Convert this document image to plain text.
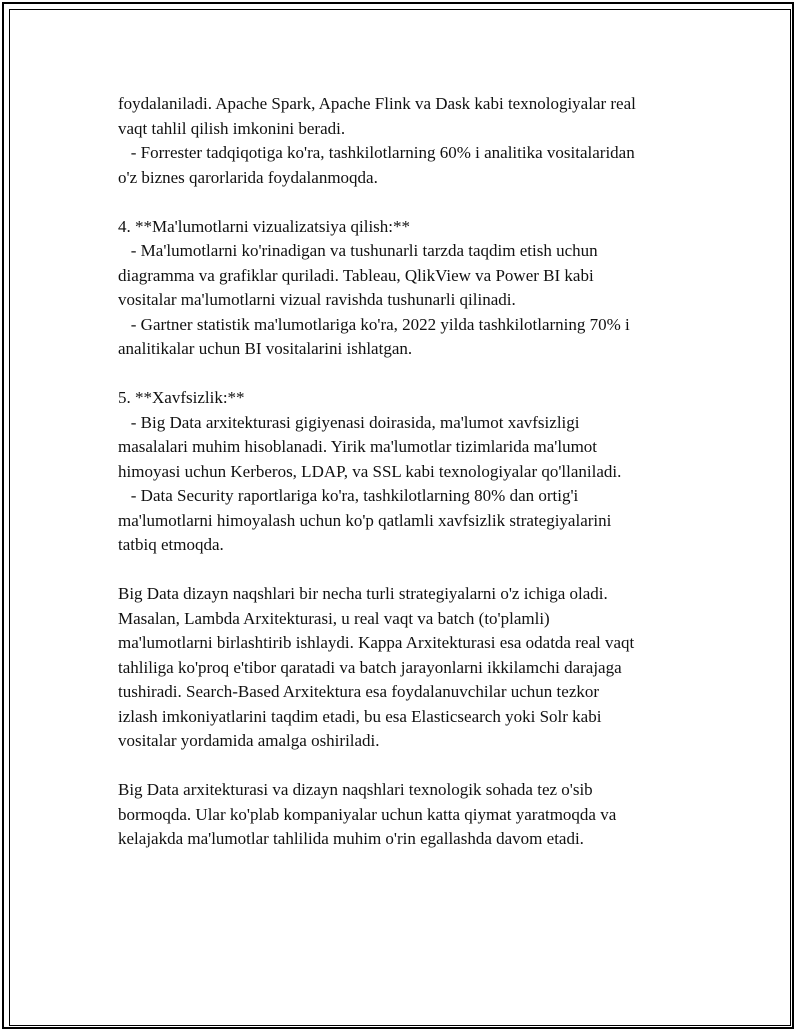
foydalaniladi. Apache Spark, Apache Flink va Dask kabi texnologiyalar real
vaqt tahlil qilish imkonini beradi.
- Forrester tadqiqotiga ko'ra, tashkilotlarning 60% i analitika vositalaridan
o'z biznes qarorlarida foydalanmoqda.
4. **Ma'lumotlarni vizualizatsiya qilish:**
- Ma'lumotlarni ko'rinadigan va tushunarli tarzda taqdim etish uchun
diagramma va grafiklar quriladi. Tableau, QlikView va Power BI kabi
vositalar ma'lumotlarni vizual ravishda tushunarli qilinadi.
- Gartner statistik ma'lumotlariga ko'ra, 2022 yilda tashkilotlarning 70% i
analitikalar uchun BI vositalarini ishlatgan.
5. **Xavfsizlik:**
- Big Data arxitekturasi gigiyenasi doirasida, ma'lumot xavfsizligi
masalalari muhim hisoblanadi. Yirik ma'lumotlar tizimlarida ma'lumot
himoyasi uchun Kerberos, LDAP, va SSL kabi texnologiyalar qo'llaniladi.
- Data Security raportlariga ko'ra, tashkilotlarning 80% dan ortig'i
ma'lumotlarni himoyalash uchun ko'p qatlamli xavfsizlik strategiyalarini
tatbiq etmoqda.
Big Data dizayn naqshlari bir necha turli strategiyalarni o'z ichiga oladi.
Masalan, Lambda Arxitekturasi, u real vaqt va batch (to'plamli)
ma'lumotlarni birlashtirib ishlaydi. Kappa Arxitekturasi esa odatda real vaqt
tahliliga ko'proq e'tibor qaratadi va batch jarayonlarni ikkilamchi darajaga
tushiradi. Search-Based Arxitektura esa foydalanuvchilar uchun tezkor
izlash imkoniyatlarini taqdim etadi, bu esa Elasticsearch yoki Solr kabi
vositalar yordamida amalga oshiriladi.
Big Data arxitekturasi va dizayn naqshlari texnologik sohada tez o'sib
bormoqda. Ular ko'plab kompaniyalar uchun katta qiymat yaratmoqda va
kelajakda ma'lumotlar tahlilida muhim o'rin egallashda davom etadi.
